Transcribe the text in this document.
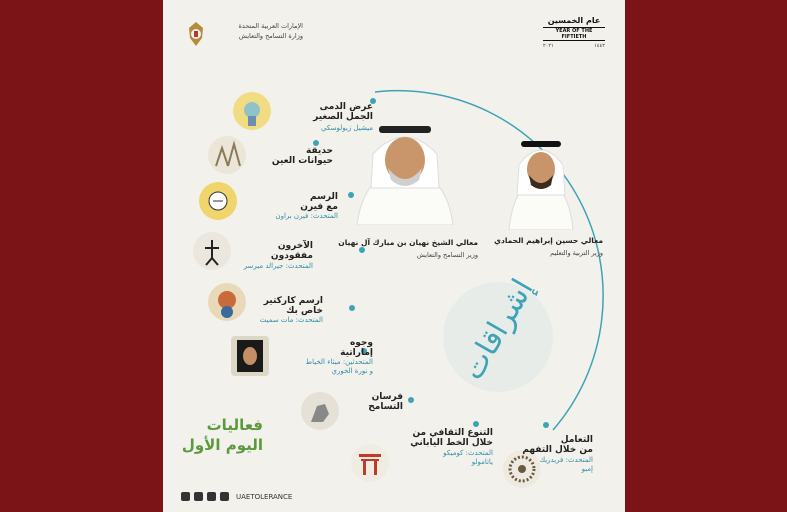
الإمارات العربية المتحدة
وزارة التسامح والتعايش
عام الخمسين
YEAR OF THE FIFTIETH
٢٠٢١	١٤٤٢
معالي حسين إبراهيم الحمادي
وزير التربية والتعليم
معالي الشيخ نهيان بن مبارك آل نهيان
وزير التسامح والتعايش
إشراقات
فعاليات
اليوم الأول
عرض الدمى
الجمل الصغير
ميشيل زيولوسكي
حديقة
حيوانات العين
الرسم
مع فيرن
المتحدث: فيرن براون
الآخرون
مفقودون
المتحدث: جيرالد ميرسر
ارسم كاركتير
خاص بك
المتحدث: مات سميث
وجوه
إماراتية
المتحدثين: ميثاء الخياط
و نورة الخوري
فرسان
التسامح
التنوع الثقافي من
خلال الخط الياباني
المتحدث: كوميكو
ياتامولو
التعامل
من خلال التفهم
المتحدث: فريدريك
إمبو
UAETOLERANCE
